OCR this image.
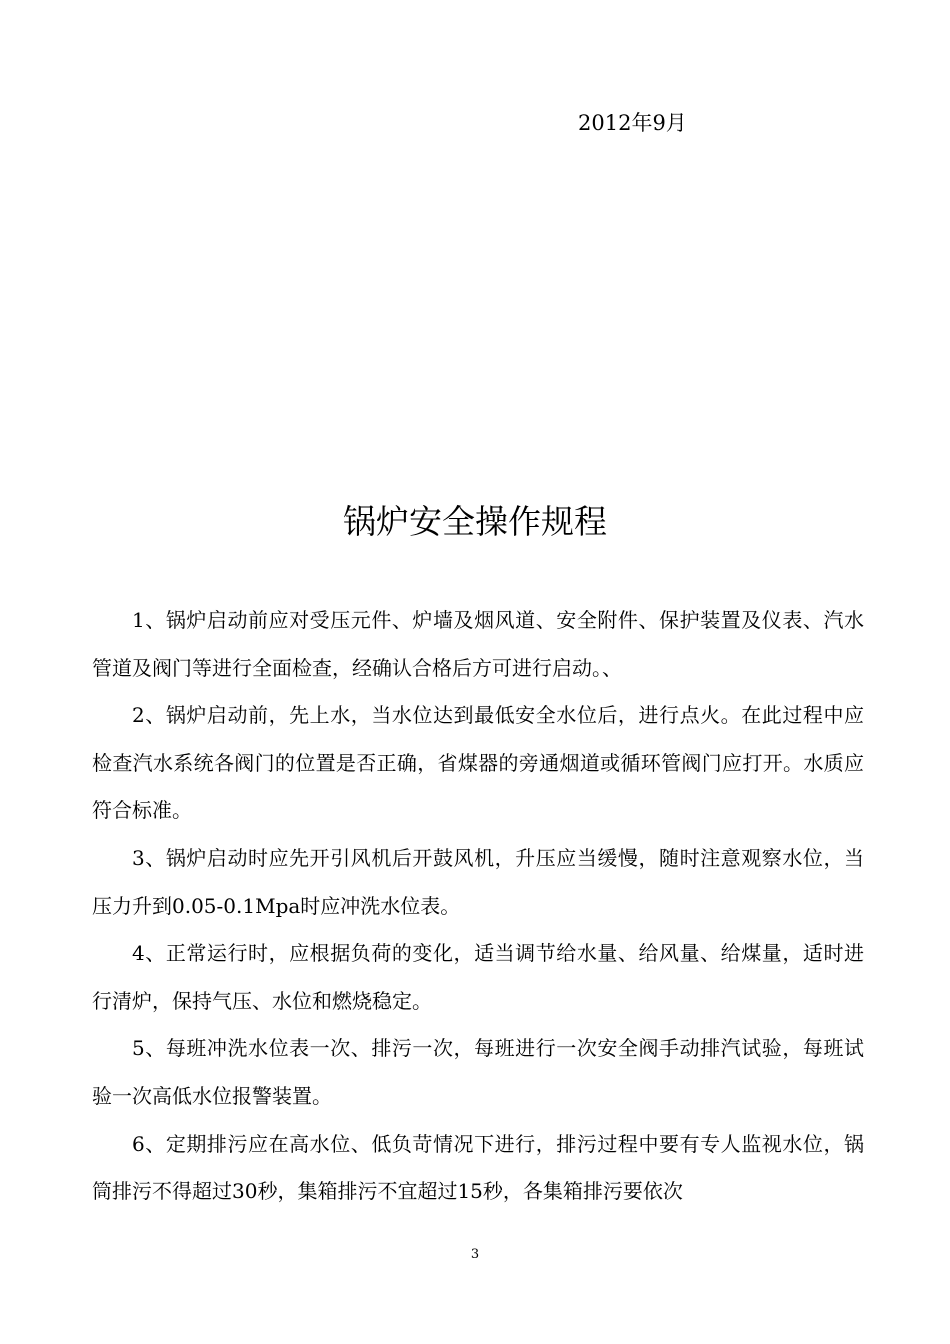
2012年9月
锅炉安全操作规程

1、锅炉启动前应对受压元件、炉墙及烟风道、安全附件、保护装置及仪表、汽水管道及阀门等进行全面检查，经确认合格后方可进行启动。、

2、锅炉启动前，先上水，当水位达到最低安全水位后，进行点火。在此过程中应检查汽水系统各阀门的位置是否正确，省煤器的旁通烟道或循环管阀门应打开。水质应符合标准。

3、锅炉启动时应先开引风机后开鼓风机，升压应当缓慢，随时注意观察水位，当压力升到0.05-0.1Mpa时应冲洗水位表。

4、正常运行时，应根据负荷的变化，适当调节给水量、给风量、给煤量，适时进行清炉，保持气压、水位和燃烧稳定。

5、每班冲洗水位表一次、排污一次，每班进行一次安全阀手动排汽试验，每班试验一次高低水位报警装置。

6、定期排污应在高水位、低负苛情况下进行，排污过程中要有专人监视水位，锅筒排污不得超过30秒，集箱排污不宜超过15秒，各集箱排污要依次

3
